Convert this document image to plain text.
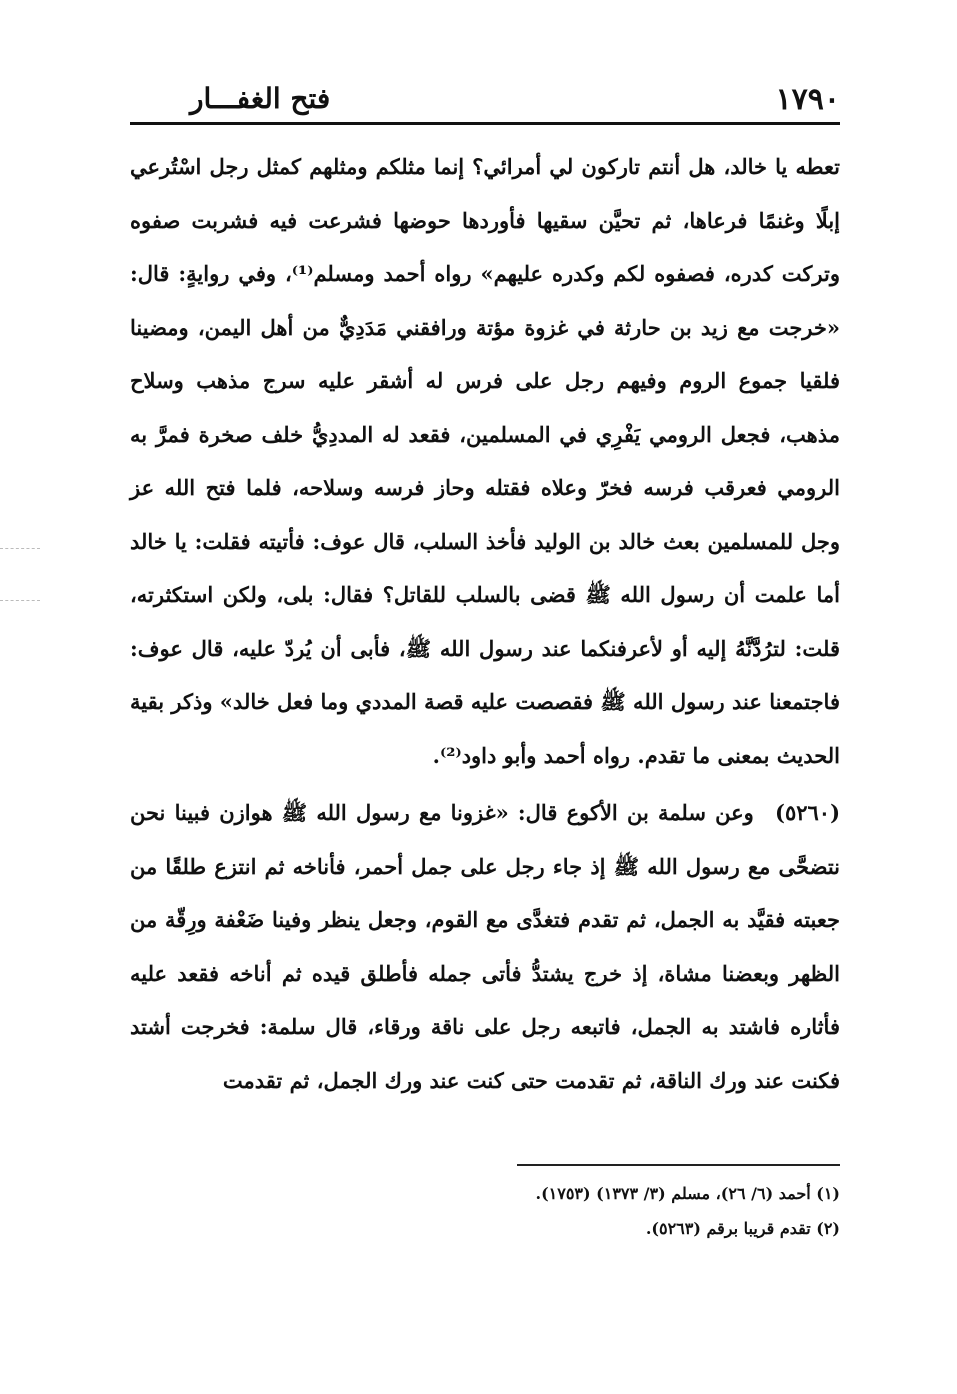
١٧٩٠
فتح الغفـــار

تعطه يا خالد، هل أنتم تاركون لي أمرائي؟ إنما مثلكم ومثلهم كمثل رجل اسْتُرعي إبلًا وغنمًا فرعاها، ثم تحيَّن سقيها فأوردها حوضها فشرعت فيه فشربت صفوه وتركت كدره، فصفوه لكم وكدره عليهم» رواه أحمد ومسلم⁽¹⁾، وفي روايةٍ: قال: «خرجت مع زيد بن حارثة في غزوة مؤتة ورافقني مَدَدِيٌّ من أهل اليمن، ومضينا فلقيا جموع الروم وفيهم رجل على فرس له أشقر عليه سرج مذهب وسلاح مذهب، فجعل الرومي يَفْرِي في المسلمين، فقعد له المددِيُّ خلف صخرة فمرَّ به الرومي فعرقب فرسه فخرّ وعلاه فقتله وحاز فرسه وسلاحه، فلما فتح الله عز وجل للمسلمين بعث خالد بن الوليد فأخذ السلب، قال عوف: فأتيته فقلت: يا خالد أما علمت أن رسول الله ﷺ قضى بالسلب للقاتل؟ فقال: بلى، ولكن استكثرته، قلت: لترُدَّنَّهُ إليه أو لأعرفنكما عند رسول الله ﷺ، فأبى أن يُردّ عليه، قال عوف: فاجتمعنا عند رسول الله ﷺ فقصصت عليه قصة المددي وما فعل خالد» وذكر بقية الحديث بمعنى ما تقدم. رواه أحمد وأبو داود⁽²⁾.

(٥٢٦٠) وعن سلمة بن الأكوع قال: «غزونا مع رسول الله ﷺ هوازن فبينا نحن نتضحَّى مع رسول الله ﷺ إذ جاء رجل على جمل أحمر، فأناخه ثم انتزع طلقًا من جعبته فقيَّد به الجمل، ثم تقدم فتغدَّى مع القوم، وجعل ينظر وفينا ضَعْفة ورِقّة من الظهر وبعضنا مشاة، إذ خرج يشتدُّ فأتى جمله فأطلق قيده ثم أناخه فقعد عليه فأثاره فاشتد به الجمل، فاتبعه رجل على ناقة ورقاء، قال سلمة: فخرجت أشتد فكنت عند ورك الناقة، ثم تقدمت حتى كنت عند ورك الجمل، ثم تقدمت

(١) أحمد (٦/ ٢٦)، مسلم (٣/ ١٣٧٣) (١٧٥٣).

(٢) تقدم قريبا برقم (٥٢٦٣).
